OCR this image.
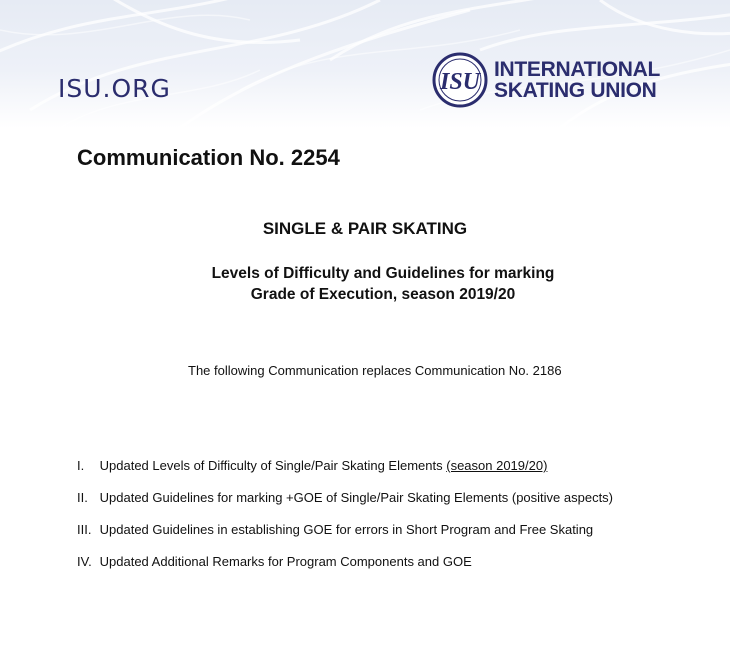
ISU.ORG	ISU INTERNATIONAL
SKATING UNION
Communication No. 2254
SINGLE & PAIR SKATING
Levels of Difficulty and Guidelines for marking
Grade of Execution, season 2019/20
The following Communication replaces Communication No. 2186
I. Updated Levels of Difficulty of Single/Pair Skating Elements (season 2019/20)
II. Updated Guidelines for marking +GOE of Single/Pair Skating Elements (positive aspects)
III. Updated Guidelines in establishing GOE for errors in Short Program and Free Skating
IV. Updated Additional Remarks for Program Components and GOE
